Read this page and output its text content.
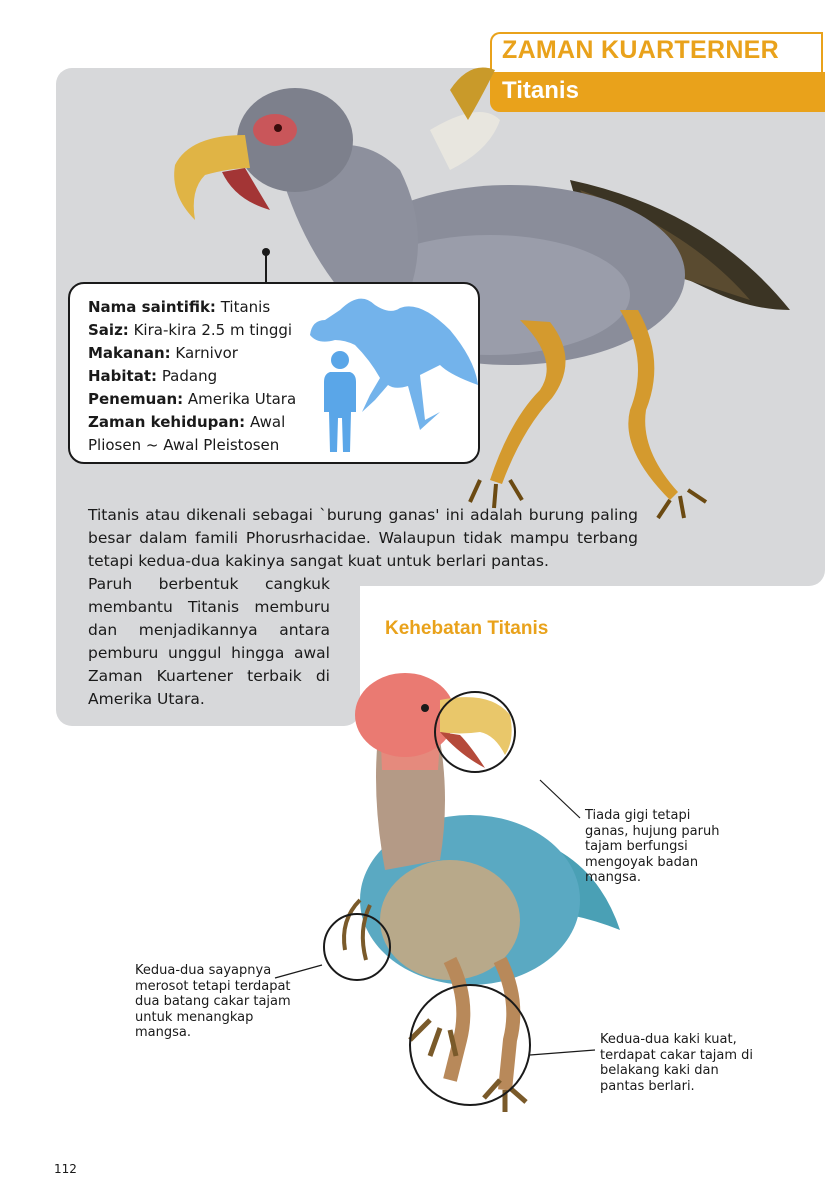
ZAMAN KUARTERNER
Titanis
Nama saintifik: Titanis
Saiz: Kira-kira 2.5 m tinggi
Makanan: Karnivor
Habitat: Padang
Penemuan: Amerika Utara
Zaman kehidupan: Awal Pliosen ~ Awal Pleistosen
Titanis atau dikenali sebagai `burung ganas' ini adalah burung paling besar dalam famili Phorusrhacidae. Walaupun tidak mampu terbang tetapi kedua-dua kakinya sangat kuat untuk berlari pantas.
Paruh berbentuk cangkuk membantu Titanis memburu dan menjadikannya antara pemburu unggul hingga awal Zaman Kuartener terbaik di Amerika Utara.
Kehebatan Titanis
Tiada gigi tetapi ganas, hujung paruh tajam berfungsi mengoyak badan mangsa.
Kedua-dua sayapnya merosot tetapi terdapat dua batang cakar tajam untuk menangkap mangsa.	Kedua-dua kaki kuat, terdapat cakar tajam di belakang kaki dan pantas berlari.
112
